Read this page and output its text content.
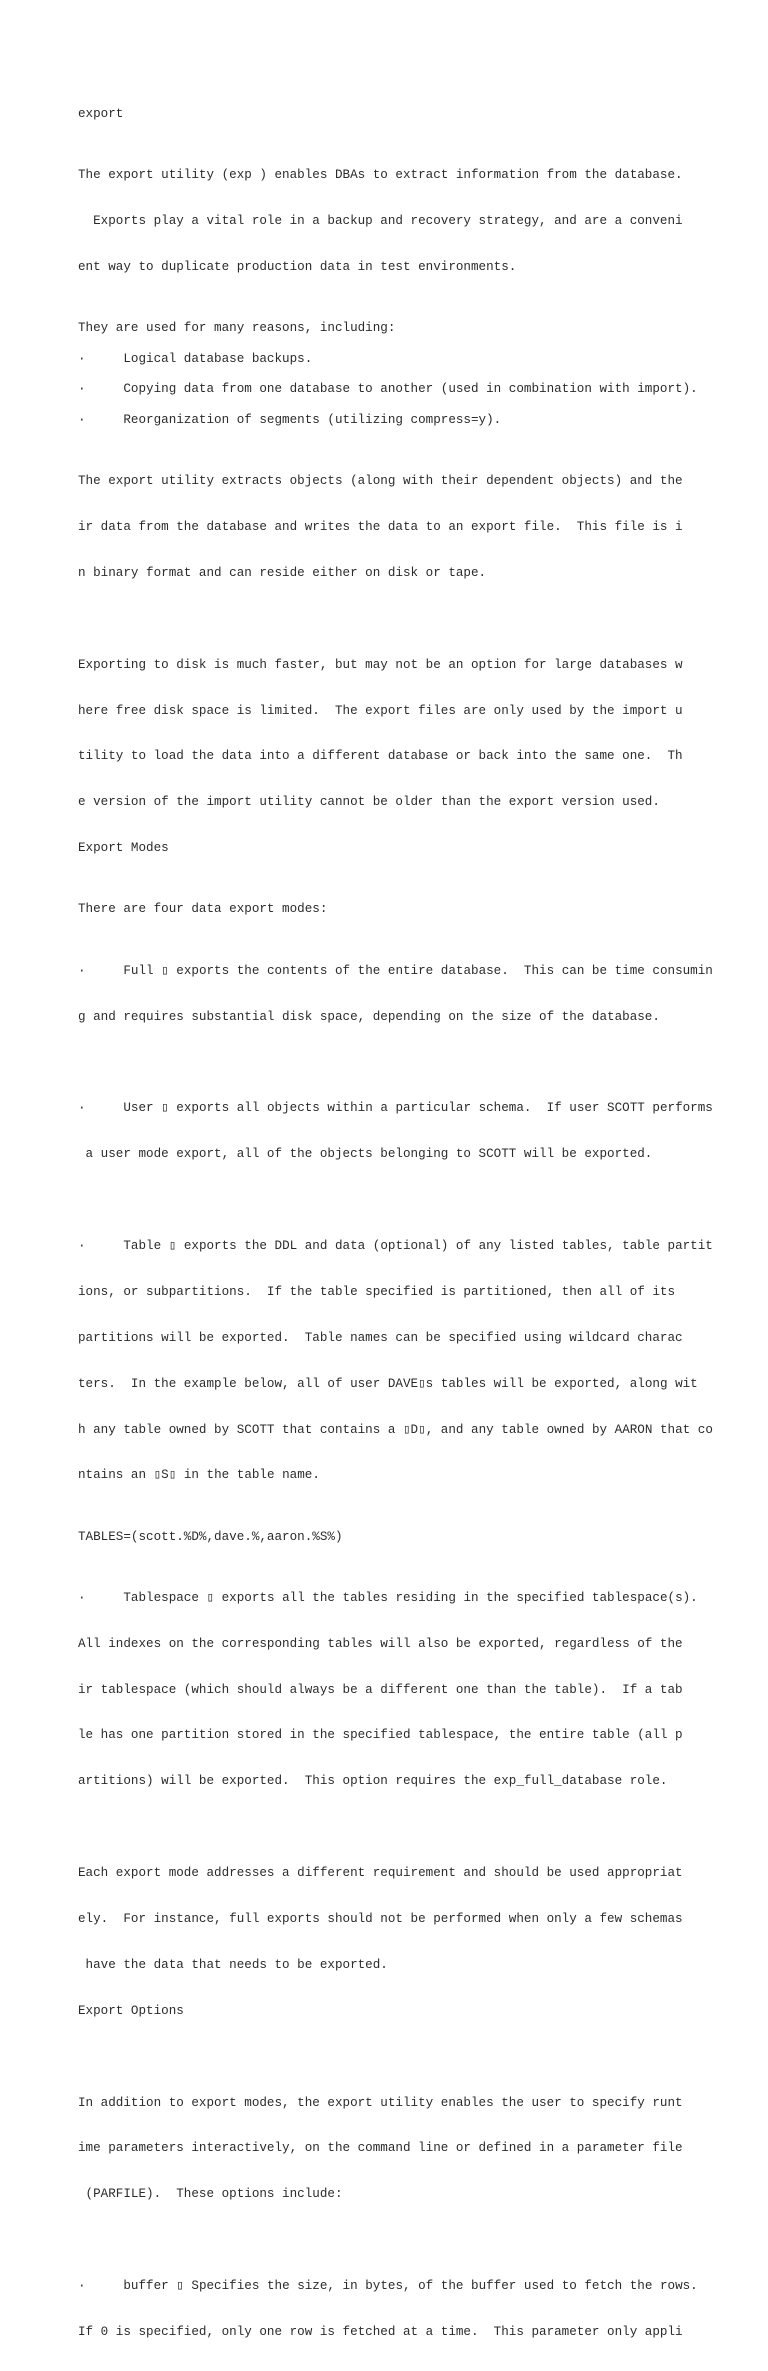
export

The export utility (exp ) enables DBAs to extract information from the database.

Exports play a vital role in a backup and recovery strategy, and are a conveni

ent way to duplicate production data in test environments.

They are used for many reasons, including:
·     Logical database backups.
·     Copying data from one database to another (used in combination with import).
·     Reorganization of segments (utilizing compress=y).

The export utility extracts objects (along with their dependent objects) and the

ir data from the database and writes the data to an export file.  This file is i

n binary format and can reside either on disk or tape.

Exporting to disk is much faster, but may not be an option for large databases w

here free disk space is limited.  The export files are only used by the import u

tility to load the data into a different database or back into the same one.  Th

e version of the import utility cannot be older than the export version used.

Export Modes

There are four data export modes:

·     Full ▯ exports the contents of the entire database.  This can be time consumin

g and requires substantial disk space, depending on the size of the database.

·     User ▯ exports all objects within a particular schema.  If user SCOTT performs

a user mode export, all of the objects belonging to SCOTT will be exported.

·     Table ▯ exports the DDL and data (optional) of any listed tables, table partit

ions, or subpartitions.  If the table specified is partitioned, then all of its

partitions will be exported.  Table names can be specified using wildcard charac

ters.  In the example below, all of user DAVE▯s tables will be exported, along wit

h any table owned by SCOTT that contains a ▯D▯, and any table owned by AARON that co

ntains an ▯S▯ in the table name.

TABLES=(scott.%D%,dave.%,aaron.%S%)

·     Tablespace ▯ exports all the tables residing in the specified tablespace(s).

All indexes on the corresponding tables will also be exported, regardless of the

ir tablespace (which should always be a different one than the table).  If a tab

le has one partition stored in the specified tablespace, the entire table (all p

artitions) will be exported.  This option requires the exp_full_database role.

Each export mode addresses a different requirement and should be used appropriat

ely.  For instance, full exports should not be performed when only a few schemas

have the data that needs to be exported.

Export Options

In addition to export modes, the export utility enables the user to specify runt

ime parameters interactively, on the command line or defined in a parameter file

(PARFILE).  These options include:

·     buffer ▯ Specifies the size, in bytes, of the buffer used to fetch the rows.

If 0 is specified, only one row is fetched at a time.  This parameter only appli
